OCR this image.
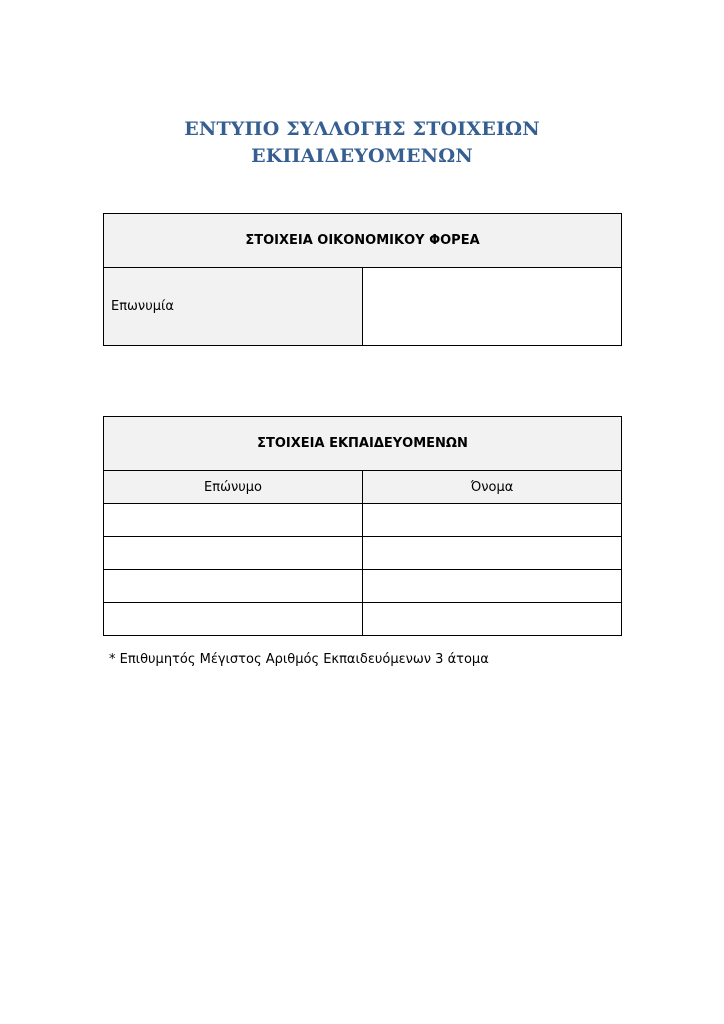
ΕΝΤΥΠΟ ΣΥΛΛΟΓΗΣ ΣΤΟΙΧΕΙΩΝ
ΕΚΠΑΙΔΕΥΟΜΕΝΩΝ
ΣΤΟΙΧΕΙΑ ΟΙΚΟΝΟΜΙΚΟΥ ΦΟΡΕΑ
Επωνυμία	
ΣΤΟΙΧΕΙΑ ΕΚΠΑΙΔΕΥΟΜΕΝΩΝ	
Επώνυμο	Όνομα

* Επιθυμητός Μέγιστος Αριθμός Εκπαιδευόμενων 3 άτομα
